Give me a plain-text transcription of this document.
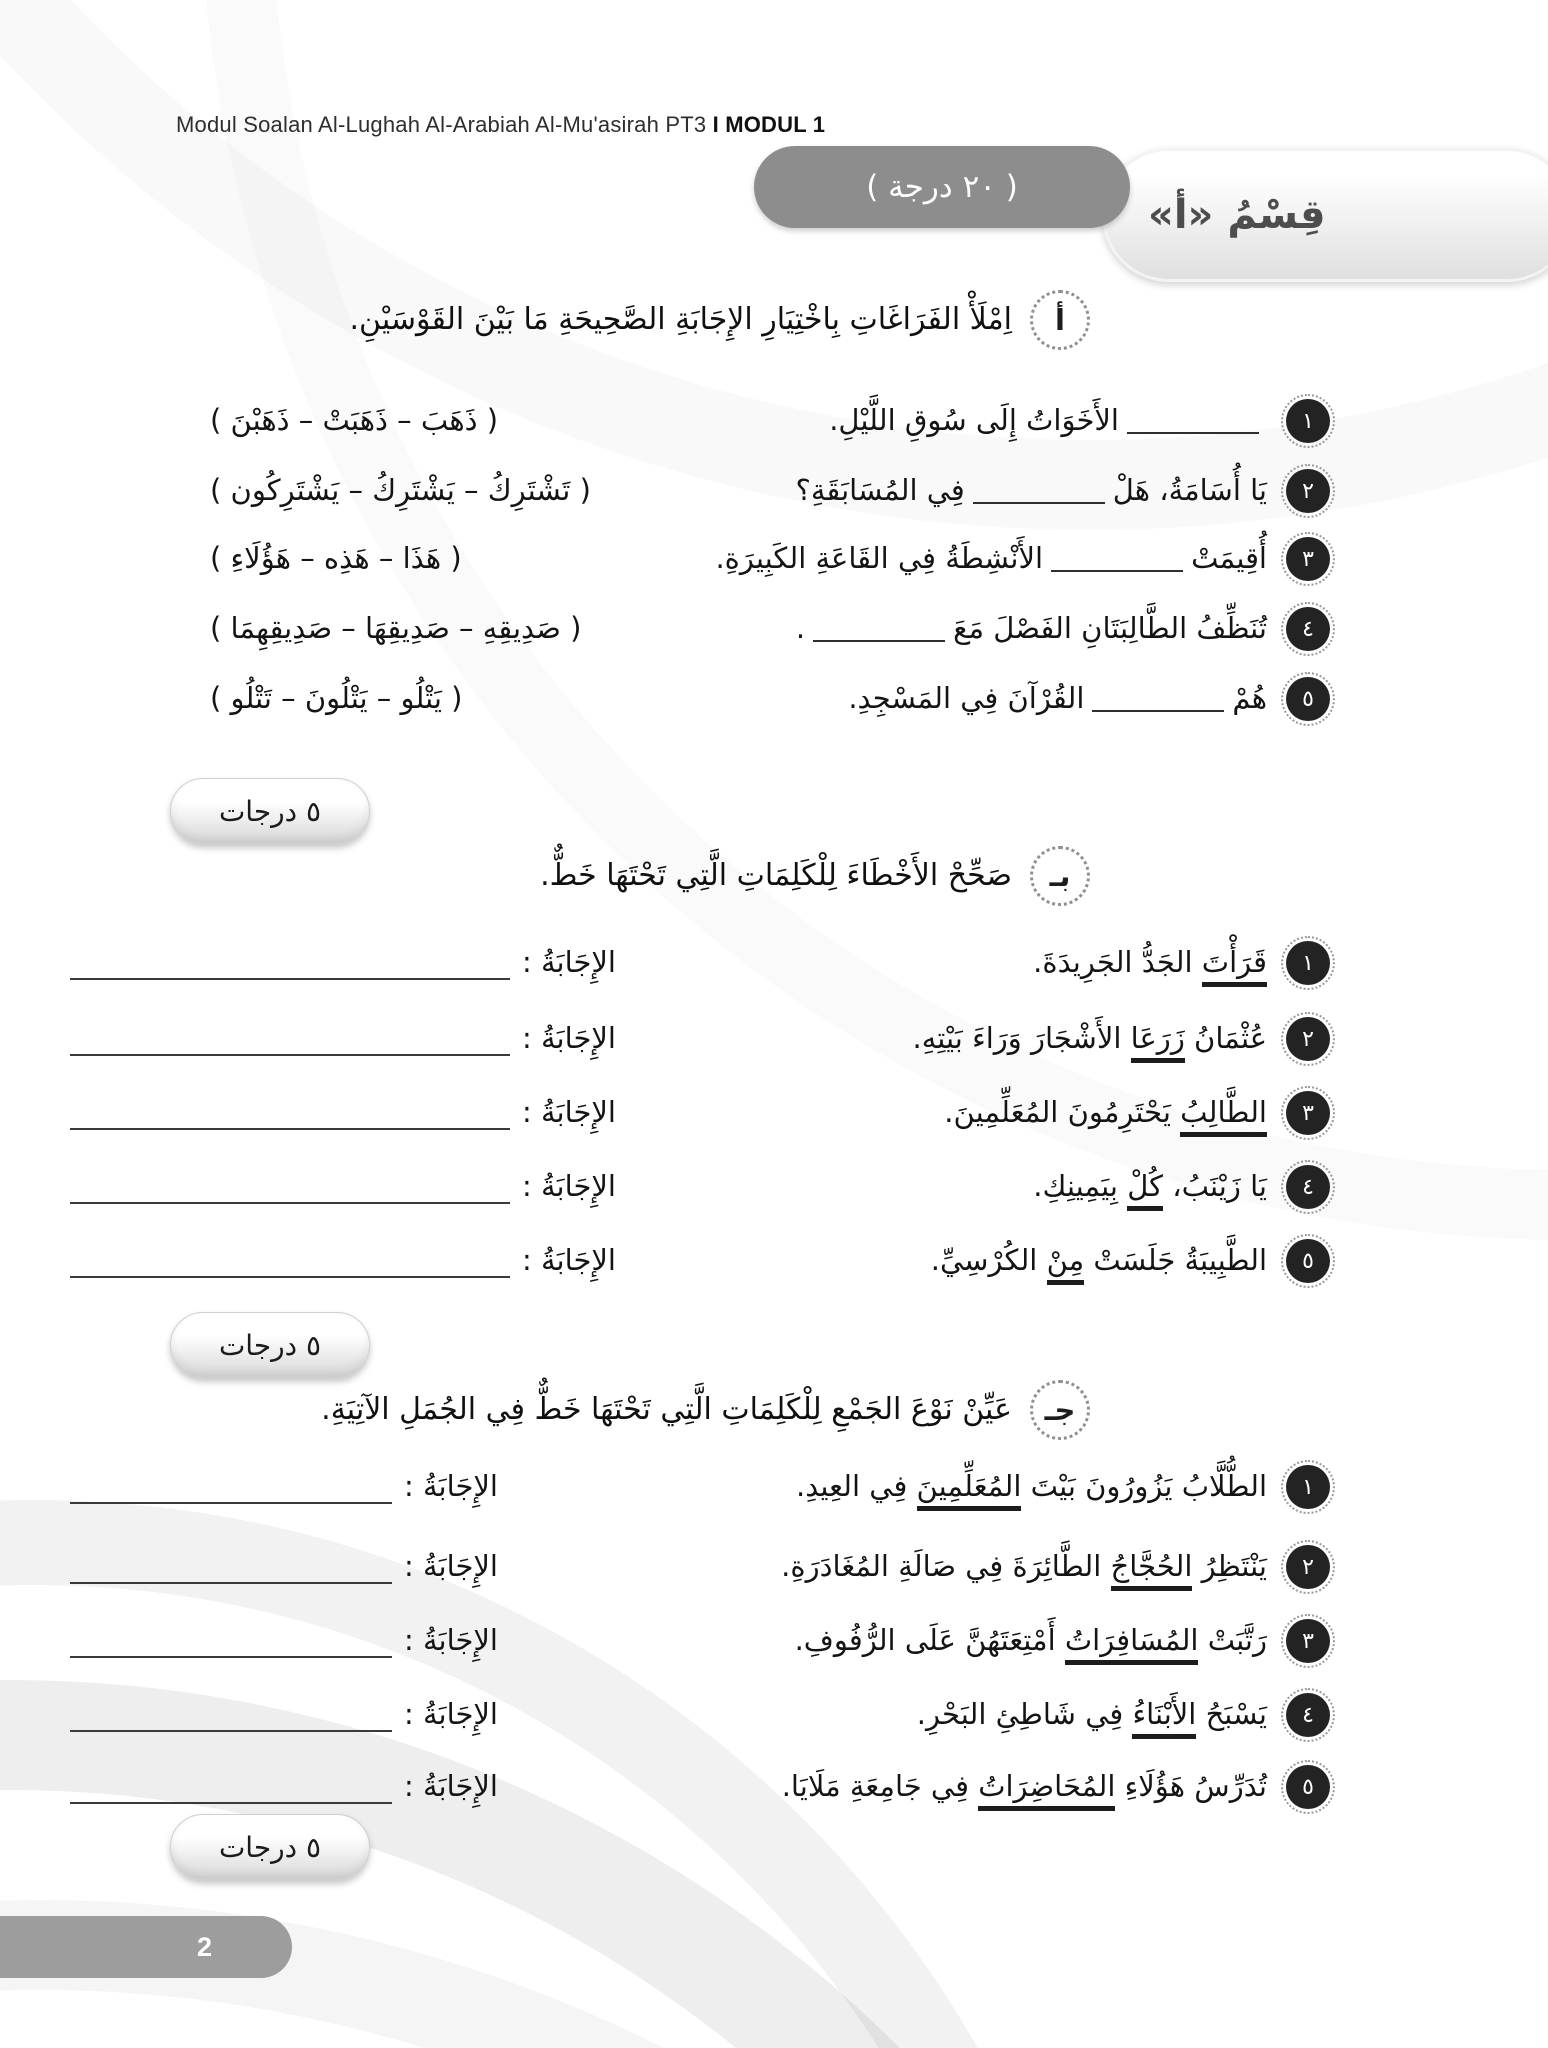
Modul Soalan Al-Lughah Al-Arabiah Al-Mu'asirah PT3 I MODUL 1
قِسْمُ «أ»
( ٢٠ درجة )
أ
اِمْلَأْ الفَرَاغَاتِ بِاخْتِيَارِ الإِجَابَةِ الصَّحِيحَةِ مَا بَيْنَ القَوْسَيْنِ.
١
الأَخَوَاتُ إِلَى سُوقِ اللَّيْلِ.
( ذَهَبَ – ذَهَبَتْ – ذَهَبْنَ )
٢
يَا أُسَامَةُ، هَلْفِي المُسَابَقَةِ؟
( تَشْتَرِكُ – يَشْتَرِكُ – يَشْتَرِكُون )
٣
أُقِيمَتْالأَنْشِطَةُ فِي القَاعَةِ الكَبِيرَةِ.
( هَذَا – هَذِه – هَؤُلَاءِ )
٤
تُنَظِّفُ الطَّالِبَتَانِ الفَصْلَ مَعَ.
( صَدِيقِهِ – صَدِيقِهَا – صَدِيقِهِمَا )
٥
هُمْالقُرْآنَ فِي المَسْجِدِ.
( يَتْلُو – يَتْلُونَ – تَتْلُو )
بـ
صَحِّحْ الأَخْطَاءَ لِلْكَلِمَاتِ الَّتِي تَحْتَهَا خَطٌّ.
١
قَرَأْتَ الجَدُّ الجَرِيدَةَ.
الإِجَابَةُ :
٢
عُثْمَانُ زَرَعَا الأَشْجَارَ وَرَاءَ بَيْتِهِ.
الإِجَابَةُ :
٣
الطَّالِبُ يَحْتَرِمُونَ المُعَلِّمِينَ.
الإِجَابَةُ :
٤
يَا زَيْنَبُ، كُلْ بِيَمِينِكِ.
الإِجَابَةُ :
٥
الطَّبِيبَةُ جَلَسَتْ مِنْ الكُرْسِيِّ.
الإِجَابَةُ :
جـ
عَيِّنْ نَوْعَ الجَمْعِ لِلْكَلِمَاتِ الَّتِي تَحْتَهَا خَطٌّ فِي الجُمَلِ الآتِيَةِ.
١
الطُّلَّابُ يَزُورُونَ بَيْتَ المُعَلِّمِينَ فِي العِيدِ.
الإِجَابَةُ :
٢
يَنْتَظِرُ الحُجَّاجُ الطَّائِرَةَ فِي صَالَةِ المُغَادَرَةِ.
الإِجَابَةُ :
٣
رَتَّبَتْ المُسَافِرَاتُ أَمْتِعَتَهُنَّ عَلَى الرُّفُوفِ.
الإِجَابَةُ :
٤
يَسْبَحُ الأَبْنَاءُ فِي شَاطِئِ البَحْرِ.
الإِجَابَةُ :
٥
تُدَرِّسُ هَؤُلَاءِ المُحَاضِرَاتُ فِي جَامِعَةِ مَلَايَا.
الإِجَابَةُ :
٥ درجات
٥ درجات
٥ درجات
2
